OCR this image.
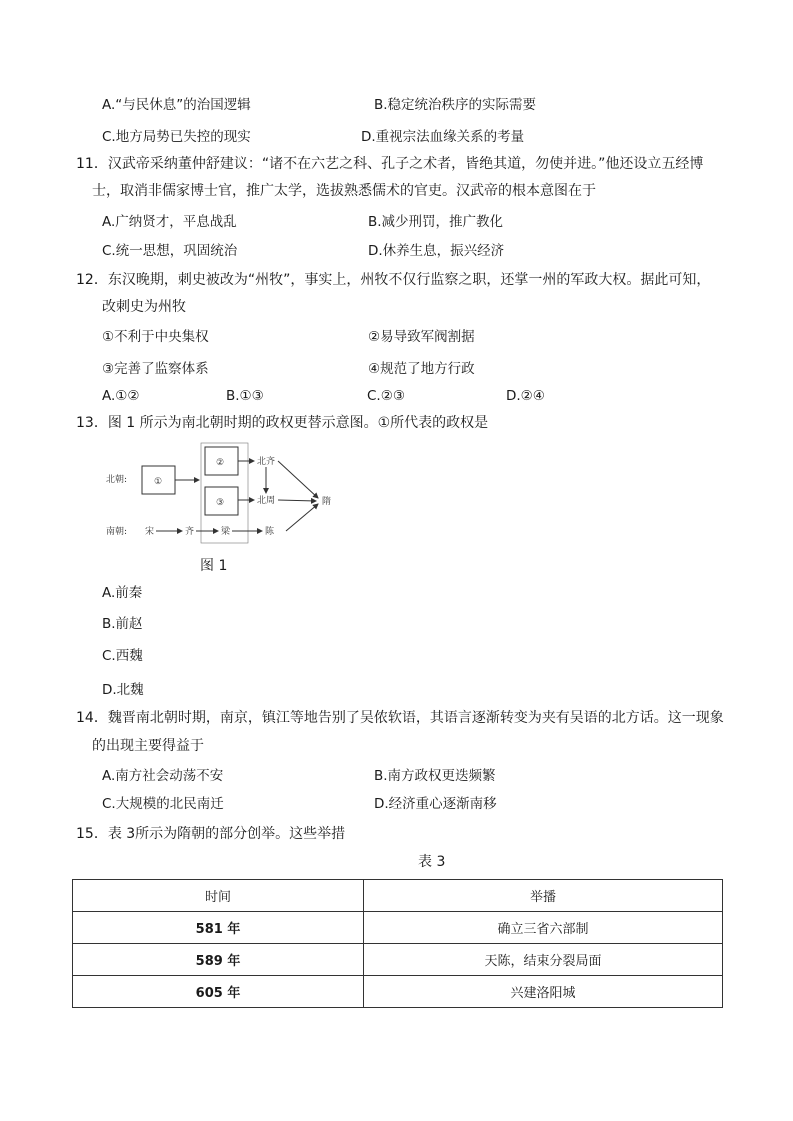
A.“与民休息”的治国逻辑	B.稳定统治秩序的实际需要
C.地方局势已失控的现实	D.重视宗法血缘关系的考量
11．汉武帝采纳董仲舒建议：“诸不在六艺之科、孔子之术者，皆绝其道，勿使并进。”他还设立五经博
士，取消非儒家博士官，推广太学，选拔熟悉儒术的官吏。汉武帝的根本意图在于
A.广纳贤才，平息战乱	B.减少刑罚，推广教化
C.统一思想，巩固统治	D.休养生息，振兴经济
12．东汉晚期，刺史被改为“州牧”，事实上，州牧不仅行监察之职，还掌一州的军政大权。据此可知，
改刺史为州牧
①不利于中央集权	②易导致军阀割据
③完善了监察体系	④规范了地方行政
A.①②	B.①③	C.②③	D.②④
13．图 1 所示为南北朝时期的政权更替示意图。①所代表的政权是
北朝:	①
②
③
北齐
北周	隋
南朝: 宋	齐	梁	陈
图 1
A.前秦
B.前赵
C.西魏
D.北魏
14．魏晋南北朝时期，南京，镇江等地告别了吴侬软语，其语言逐渐转变为夹有吴语的北方话。这一现象
的出现主要得益于
A.南方社会动荡不安	B.南方政权更迭频繁
C.大规模的北民南迁	D.经济重心逐渐南移
15．表 3所示为隋朝的部分创举。这些举措
表 3
时间	举播
581 年	确立三省六部制
589 年	天陈，结束分裂局面
605 年	兴建洛阳城
